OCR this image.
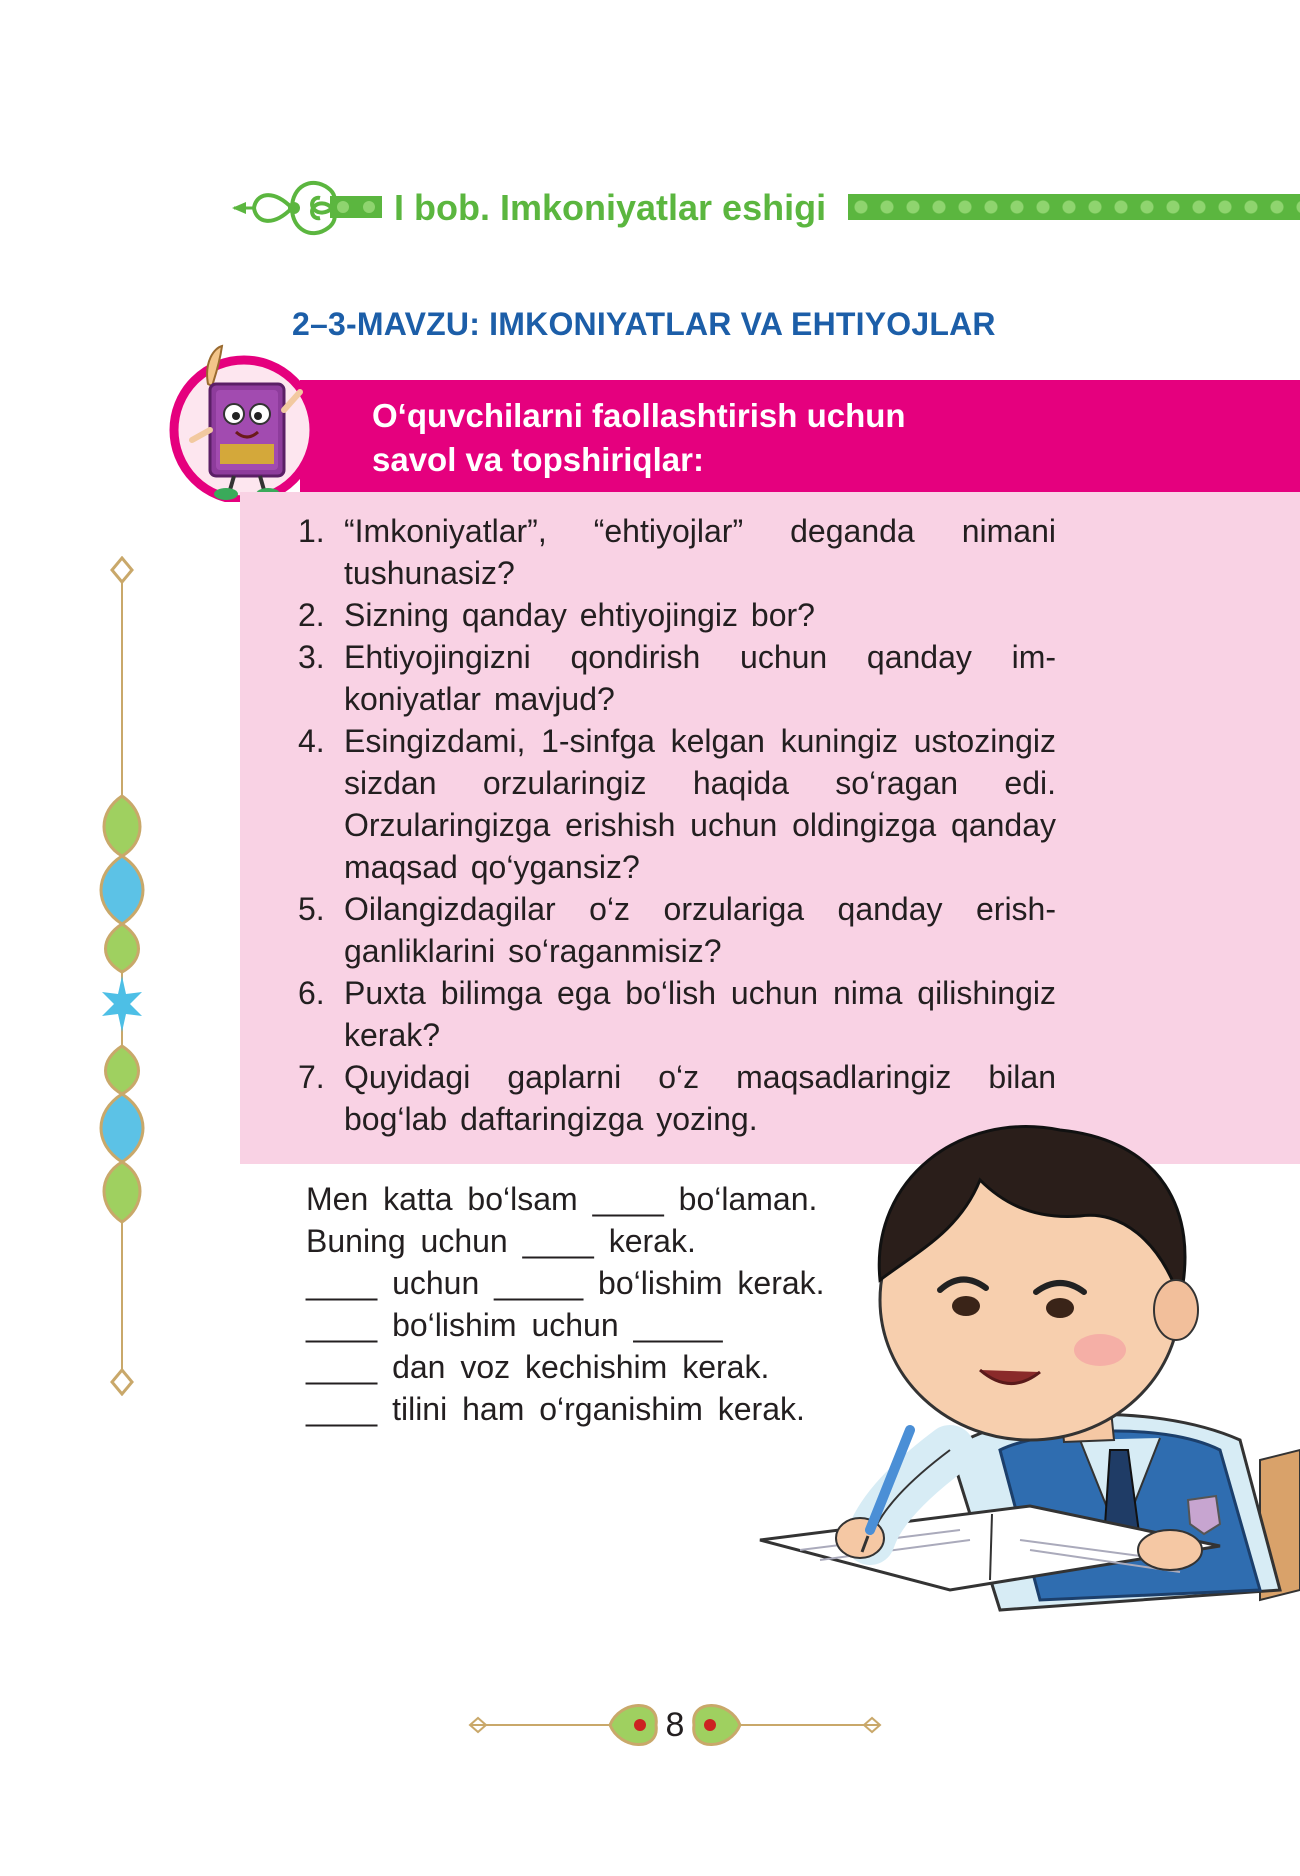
I bob. Imkoniyatlar eshigi
2–3-MAVZU: IMKONIYATLAR VA EHTIYOJLAR
O‘quvchilarni faollashtirish uchun
savol va topshiriqlar:
1. “Imkoniyatlar”, “ehtiyojlar” deganda nimani tushunasiz?
2. Sizning qanday ehtiyojingiz bor?
3. Ehtiyojingizni qondirish uchun qanday imkoniyatlar mavjud?
4. Esingizdami, 1-sinfga kelgan kuningiz ustozingiz sizdan orzularingiz haqida so‘ragan edi. Orzularingizga erishish uchun oldingizga qanday maqsad qo‘ygansiz?
5. Oilangizdagilar o‘z orzulariga qanday erishganliklarini so‘raganmisiz?
6. Puxta bilimga ega bo‘lish uchun nima qilishingiz kerak?
7. Quyidagi gaplarni o‘z maqsadlaringiz bilan bog‘lab daftaringizga yozing.
Men katta bo‘lsam ____ bo‘laman.
Buning uchun ____ kerak.
____ uchun _____ bo‘lishim kerak.
____ bo‘lishim uchun _____
____ dan voz kechishim kerak.
____ tilini ham o‘rganishim kerak.
8
